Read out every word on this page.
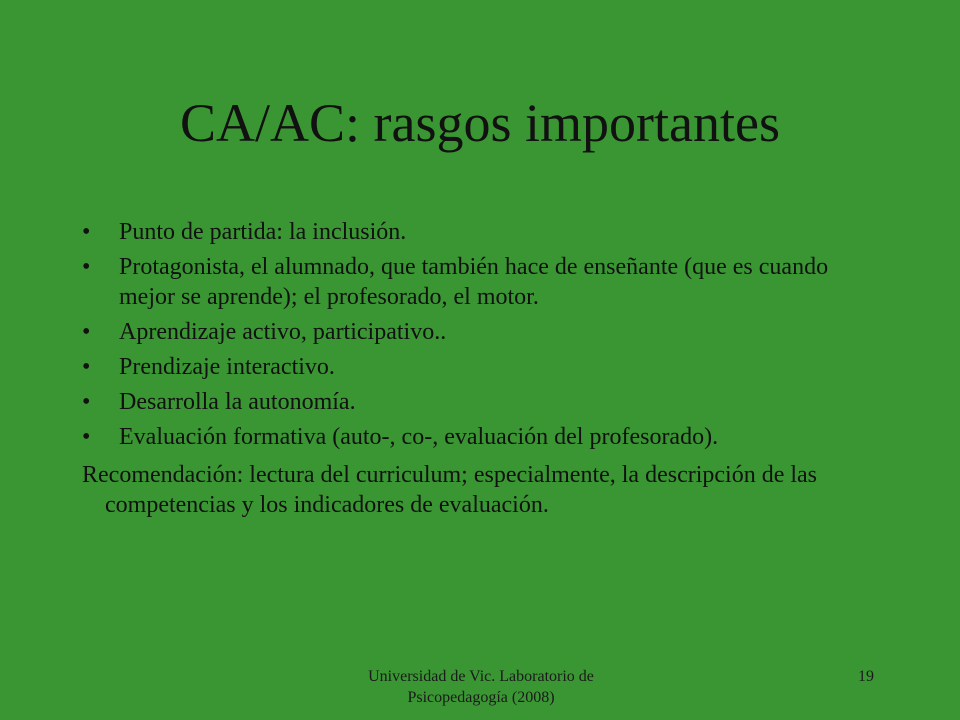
CA/AC: rasgos importantes
• Punto de partida: la inclusión.
• Protagonista, el alumnado, que también hace de enseñante (que es cuando mejor se aprende); el profesorado, el motor.
• Aprendizaje activo, participativo..
• Prendizaje interactivo.
• Desarrolla la autonomía.
• Evaluación formativa (auto-, co-, evaluación del profesorado).
Recomendación: lectura del curriculum; especialmente, la descripción de las competencias y los indicadores de evaluación.
Universidad de Vic. Laboratorio de
Psicopedagogía (2008)
19
